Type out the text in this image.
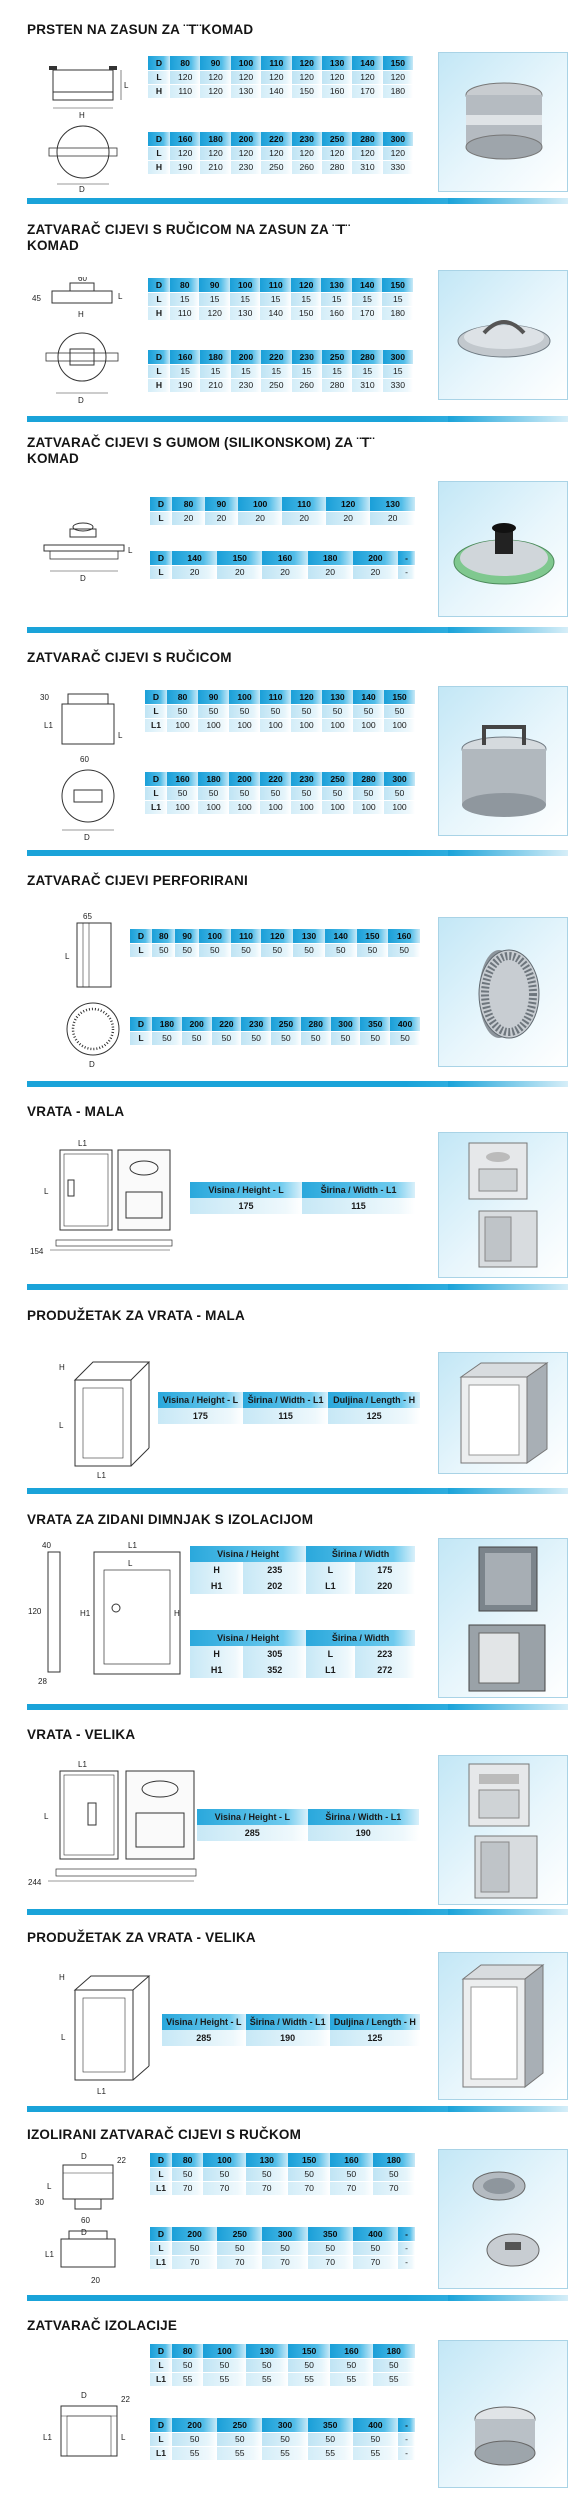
PRSTEN NA ZASUN ZA ¨T¨KOMAD
L
H
D
D	80	90	100	110	120	130	140	150
L	120	120	120	120	120	120	120	120
H	110	120	130	140	150	160	170	180
D	160	180	200	220	230	250	280	300
L	120	120	120	120	120	120	120	120
H	190	210	230	250	260	280	310	330
ZATVARAČ CIJEVI S RUČICOM NA ZASUN ZA ¨T¨ KOMAD
60
45	L
H
D
D	80	90	100	110	120	130	140	150
L	15	15	15	15	15	15	15	15
H	110	120	130	140	150	160	170	180
D	160	180	200	220	230	250	280	300
L	15	15	15	15	15	15	15	15
H	190	210	230	250	260	280	310	330
ZATVARAČ CIJEVI S GUMOM (SILIKONSKOM) ZA ¨T¨ KOMAD
L
D
D	80	90	100	110	120	130
L	20	20	20	20	20	20
D	140	150	160	180	200	-
L	20	20	20	20	20	-
ZATVARAČ CIJEVI S RUČICOM
30
L1
L
60
D
D	80	90	100	110	120	130	140	150
L	50	50	50	50	50	50	50	50
L1	100	100	100	100	100	100	100	100
D	160	180	200	220	230	250	280	300
L	50	50	50	50	50	50	50	50
L1	100	100	100	100	100	100	100	100
ZATVARAČ CIJEVI PERFORIRANI
65
L
D
D	80	90	100	110	120	130	140	150	160
L	50	50	50	50	50	50	50	50	50
D	180	200	220	230	250	280	300	350	400
L	50	50	50	50	50	50	50	50	50
VRATA - MALA
L1
L
154
Visina / Height - L	Širina / Width - L1
175	115
PRODUŽETAK ZA VRATA - MALA
H
L
L1
Visina / Height - L	Širina / Width - L1	Duljina / Length - H
175	115	125
VRATA ZA ZIDANI DIMNJAK S IZOLACIJOM
40
120
28
L1
L
H1	H
Visina / Height		Širina / Width	
H	235	L	175
H1	202	L1	220
Visina / Height		Širina / Width	
H	305	L	223
H1	352	L1	272
VRATA - VELIKA
L1
L
244
Visina / Height - L	Širina / Width - L1
285	190
PRODUŽETAK ZA VRATA - VELIKA
H
L
L1
Visina / Height - L	Širina / Width - L1	Duljina / Length - H
285	190	125
IZOLIRANI ZATVARAČ CIJEVI S RUČKOM
D	22
L
30
60
D
L1
20
D	80	100	130	150	160	180
L	50	50	50	50	50	50
L1	70	70	70	70	70	70
D	200	250	300	350	400	-
L	50	50	50	50	50	-
L1	70	70	70	70	70	-
ZATVARAČ IZOLACIJE
D	22
L1	L
D	80	100	130	150	160	180
L	50	50	50	50	50	50
L1	55	55	55	55	55	55
D	200	250	300	350	400	-
L	50	50	50	50	50	-
L1	55	55	55	55	55	-
